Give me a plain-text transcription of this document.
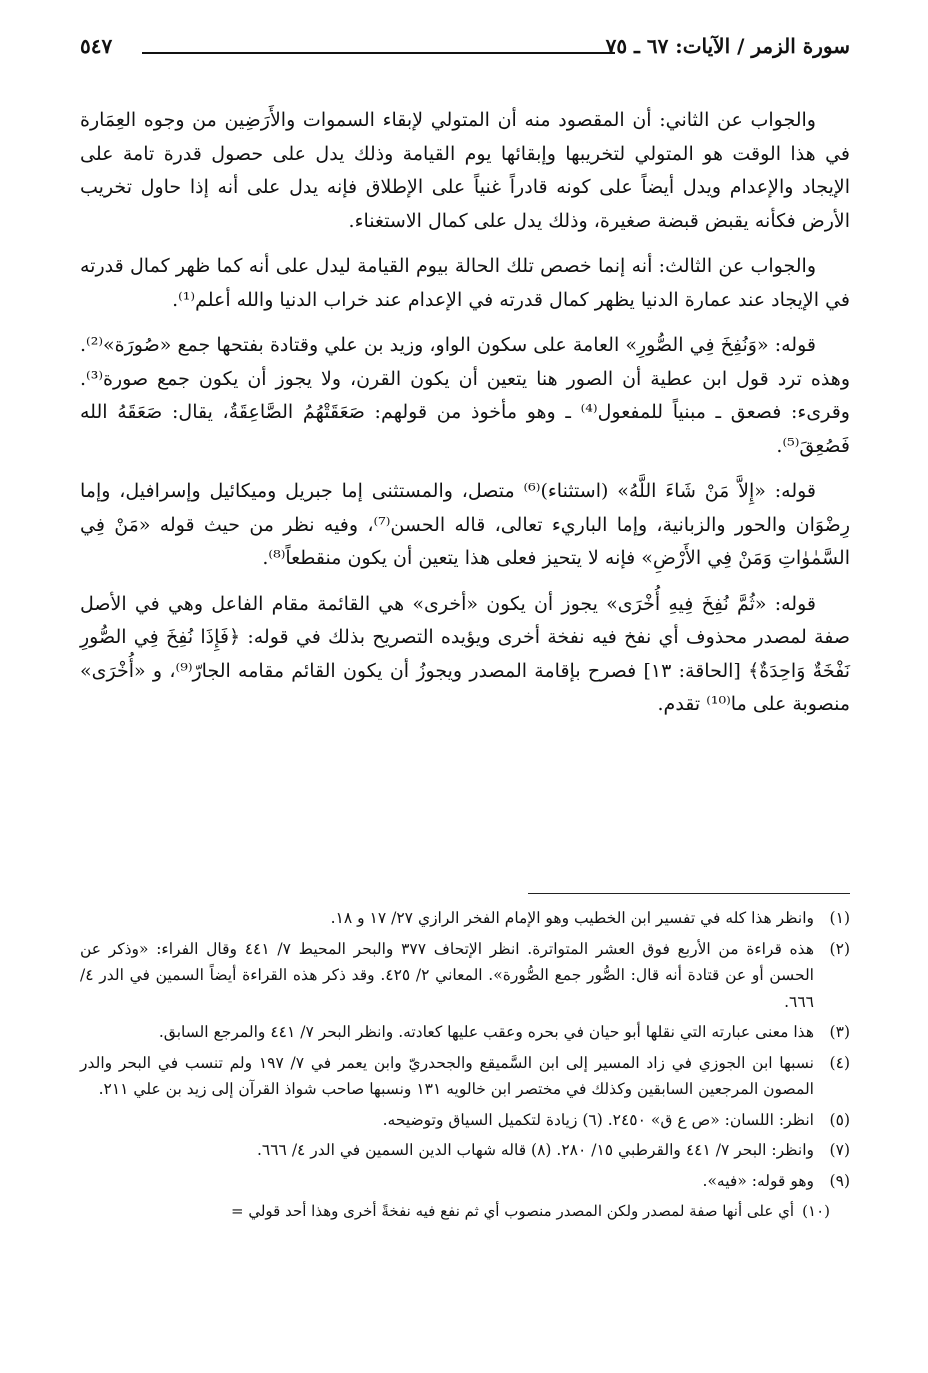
سورة الزمر / الآيات: ٦٧ ـ ٧٥
٥٤٧

والجواب عن الثاني: أن المقصود منه أن المتولي لإبقاء السموات والأَرَضِين من وجوه العِمَارة في هذا الوقت هو المتولي لتخريبها وإبقائها يوم القيامة وذلك يدل على حصول قدرة تامة على الإيجاد والإعدام ويدل أيضاً على كونه قادراً غنياً على الإطلاق فإنه يدل على أنه إذا حاول تخريب الأرض فكأنه يقبض قبضة صغيرة، وذلك يدل على كمال الاستغناء.

والجواب عن الثالث: أنه إنما خصص تلك الحالة بيوم القيامة ليدل على أنه كما ظهر كمال قدرته في الإيجاد عند عمارة الدنيا يظهر كمال قدرته في الإعدام عند خراب الدنيا والله أعلم⁽¹⁾.

قوله: «وَنُفِخَ فِي الصُّورِ» العامة على سكون الواو، وزيد بن علي وقتادة بفتحها جمع «صُورَة»⁽²⁾. وهذه ترد قول ابن عطية أن الصور هنا يتعين أن يكون القرن، ولا يجوز أن يكون جمع صورة⁽³⁾. وقرىء: فصعق ـ مبنياً للمفعول⁽⁴⁾ ـ وهو مأخوذ من قولهم: صَعَقَتْهُمُ الصَّاعِقَةُ، يقال: صَعَقَهُ الله فَصُعِقَ⁽⁵⁾.

قوله: «إِلاَّ مَنْ شَاءَ اللَّهُ» (استثناء)⁽⁶⁾ متصل، والمستثنى إما جبريل وميكائيل وإسرافيل، وإما رِضْوَان والحور والزبانية، وإما الباريء تعالى، قاله الحسن⁽⁷⁾، وفيه نظر من حيث قوله «مَنْ فِي السَّمٰوٰاتِ وَمَنْ فِي الأَرْضِ» فإنه لا يتحيز فعلى هذا يتعين أن يكون منقطعاً⁽⁸⁾.

قوله: «ثُمَّ نُفِخَ فِيهِ أُخْرَى» يجوز أن يكون «أخرى» هي القائمة مقام الفاعل وهي في الأصل صفة لمصدر محذوف أي نفخ فيه نفخة أخرى ويؤيده التصريح بذلك في قوله: ﴿فَإِذَا نُفِخَ فِي الصُّورِ نَفْخَةٌ وَاحِدَةٌ﴾ [الحاقة: ١٣] فصرح بإقامة المصدر ويجوزُ أن يكون القائم مقامه الجارّ⁽⁹⁾، و «أُخْرَى» منصوبة على ما⁽¹⁰⁾ تقدم.

(١)
وانظر هذا كله في تفسير ابن الخطيب وهو الإمام الفخر الرازي ٢٧/ ١٧ و ١٨.
(٢)
هذه قراءة من الأربع فوق العشر المتواترة. انظر الإتحاف ٣٧٧ والبحر المحيط ٧/ ٤٤١ وقال الفراء: «وذكر عن الحسن أو عن قتادة أنه قال: الصُّور جمع الصُّورة». المعاني ٢/ ٤٢٥. وقد ذكر هذه القراءة أيضاً السمين في الدر ٤/ ٦٦٦.
(٣)
هذا معنى عبارته التي نقلها أبو حيان في بحره وعقب عليها كعادته. وانظر البحر ٧/ ٤٤١ والمرجع السابق.
(٤)
نسبها ابن الجوزي في زاد المسير إلى ابن السَّميقع والجحدريّ وابن يعمر في ٧/ ١٩٧ ولم تنسب في البحر والدر المصون المرجعين السابقين وكذلك في مختصر ابن خالويه ١٣١ ونسبها صاحب شواذ القرآن إلى زيد بن علي ٢١١.
(٥)
انظر: اللسان: «ص ع ق» ٢٤٥٠. (٦) زيادة لتكميل السياق وتوضيحه.
(٧)
وانظر: البحر ٧/ ٤٤١ والقرطبي ١٥/ ٢٨٠. (٨) قاله شهاب الدين السمين في الدر ٤/ ٦٦٦.
(٩)
وهو قوله: «فيه».
(١٠)
أي على أنها صفة لمصدر ولكن المصدر منصوب أي ثم نفع فيه نفخةً أخرى وهذا أحد قولي =
